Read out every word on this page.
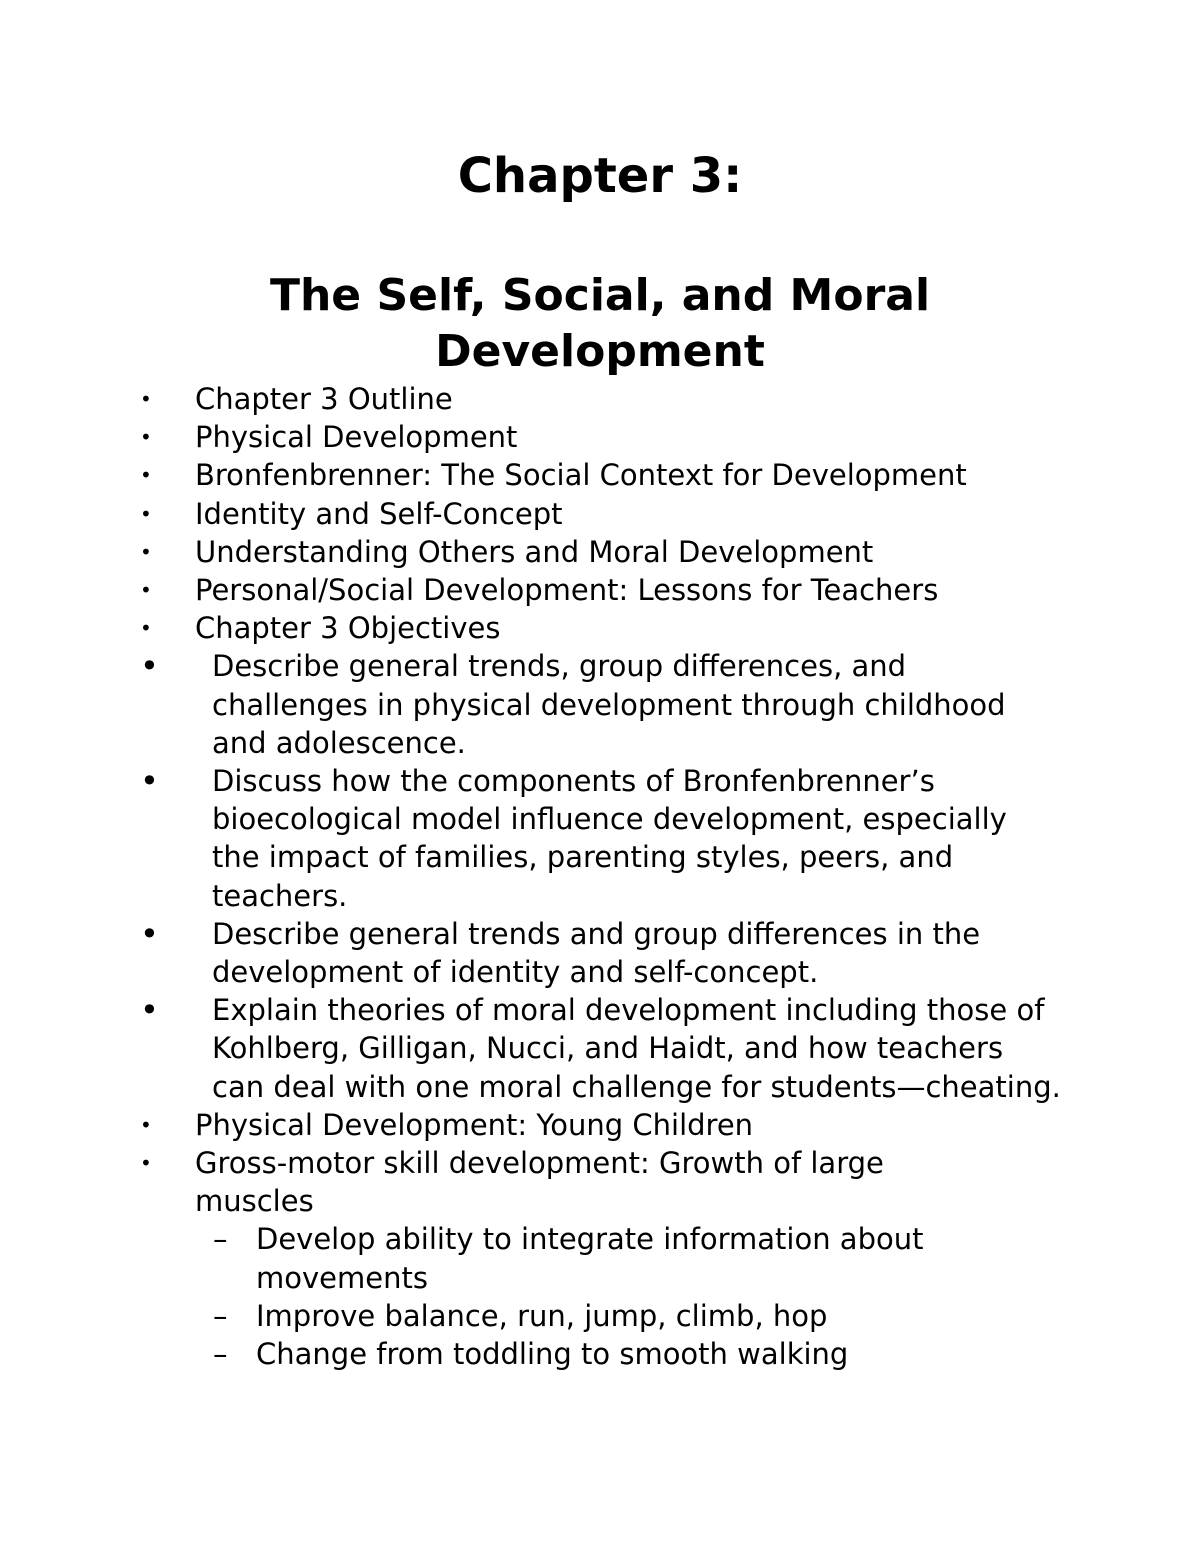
Chapter 3:
The Self, Social, and Moral Development
• Chapter 3 Outline
• Physical Development
• Bronfenbrenner: The Social Context for Development
• Identity and Self-Concept
• Understanding Others and Moral Development
• Personal/Social Development: Lessons for Teachers
• Chapter 3 Objectives
• Describe general trends, group differences, and challenges in physical development through childhood and adolescence.
• Discuss how the components of Bronfenbrenner’s bioecological model influence development, especially the impact of families, parenting styles, peers, and teachers.
• Describe general trends and group differences in the development of identity and self-concept.
• Explain theories of moral development including those of Kohlberg, Gilligan, Nucci, and Haidt, and how teachers can deal with one moral challenge for students—cheating.
• Physical Development: Young Children
• Gross-motor skill development: Growth of large muscles
– Develop ability to integrate information about movements
– Improve balance, run, jump, climb, hop
– Change from toddling to smooth walking
